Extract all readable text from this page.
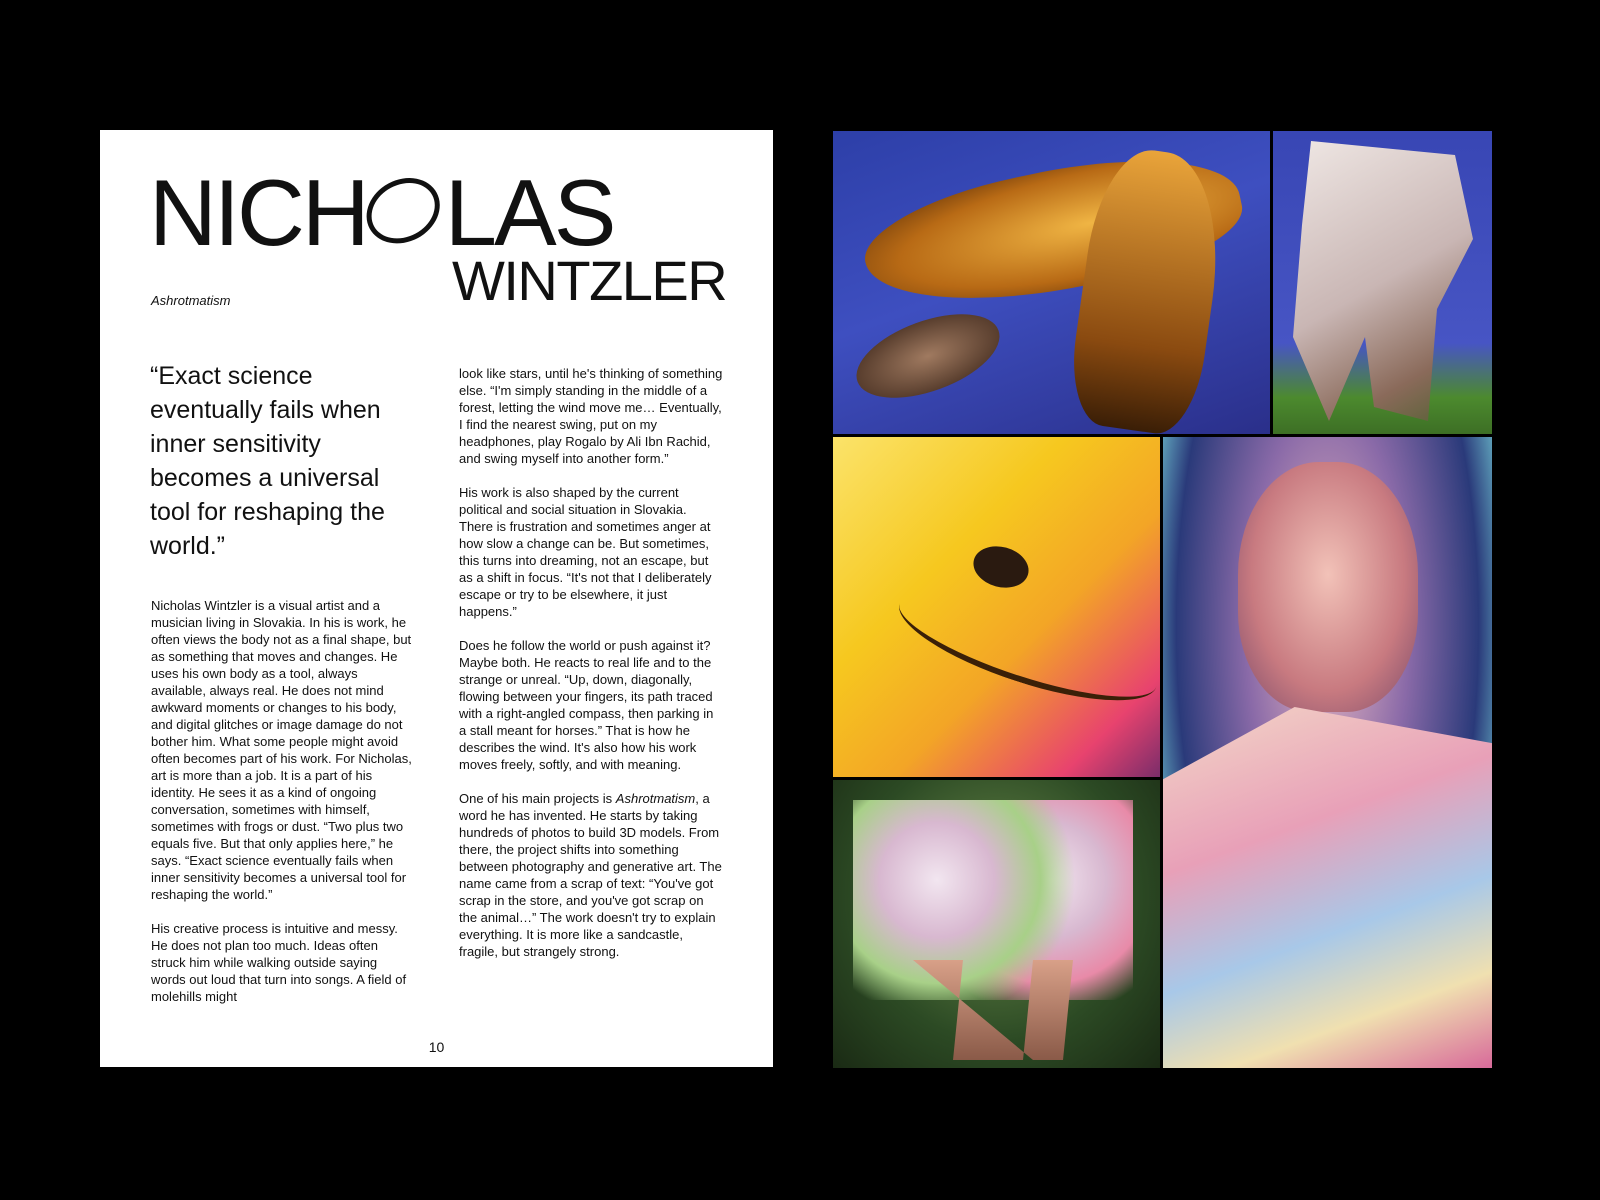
NICH LAS
WINTZLER
Ashrotmatism

“Exact science eventually fails when inner sensitivity becomes a universal tool for reshaping the world.”

Nicholas Wintzler is a visual artist and a musician living in Slovakia. In his is work, he often views the body not as a final shape, but as something that moves and changes. He uses his own body as a tool, always available, always real. He does not mind awkward moments or changes to his body, and digital glitches or image damage do not bother him. What some people might avoid often becomes part of his work. For Nicholas, art is more than a job. It is a part of his identity. He sees it as a kind of ongoing conversation, sometimes with himself, sometimes with frogs or dust. “Two plus two equals five. But that only applies here,” he says. “Exact science eventually fails when inner sensitivity becomes a universal tool for reshaping the world.”

His creative process is intuitive and messy. He does not plan too much. Ideas often struck him while walking outside saying words out loud that turn into songs. A field of molehills might

look like stars, until he's thinking of something else. “I'm simply standing in the middle of a forest, letting the wind move me… Eventually, I find the nearest swing, put on my headphones, play Rogalo by Ali Ibn Rachid, and swing myself into another form.”

His work is also shaped by the current political and social situation in Slovakia. There is frustration and sometimes anger at how slow a change can be. But sometimes, this turns into dreaming, not an escape, but as a shift in focus. “It's not that I deliberately escape or try to be elsewhere, it just happens.”

Does he follow the world or push against it? Maybe both. He reacts to real life and to the strange or unreal. “Up, down, diagonally, flowing between your fingers, its path traced with a right-angled compass, then parking in a stall meant for horses.” That is how he describes the wind. It's also how his work moves freely, softly, and with meaning.

One of his main projects is Ashrotmatism, a word he has invented. He starts by taking hundreds of photos to build 3D models. From there, the project shifts into something between photography and generative art. The name came from a scrap of text: “You've got scrap in the store, and you've got scrap on the animal…” The work doesn't try to explain everything. It is more like a sandcastle, fragile, but strangely strong.

10
